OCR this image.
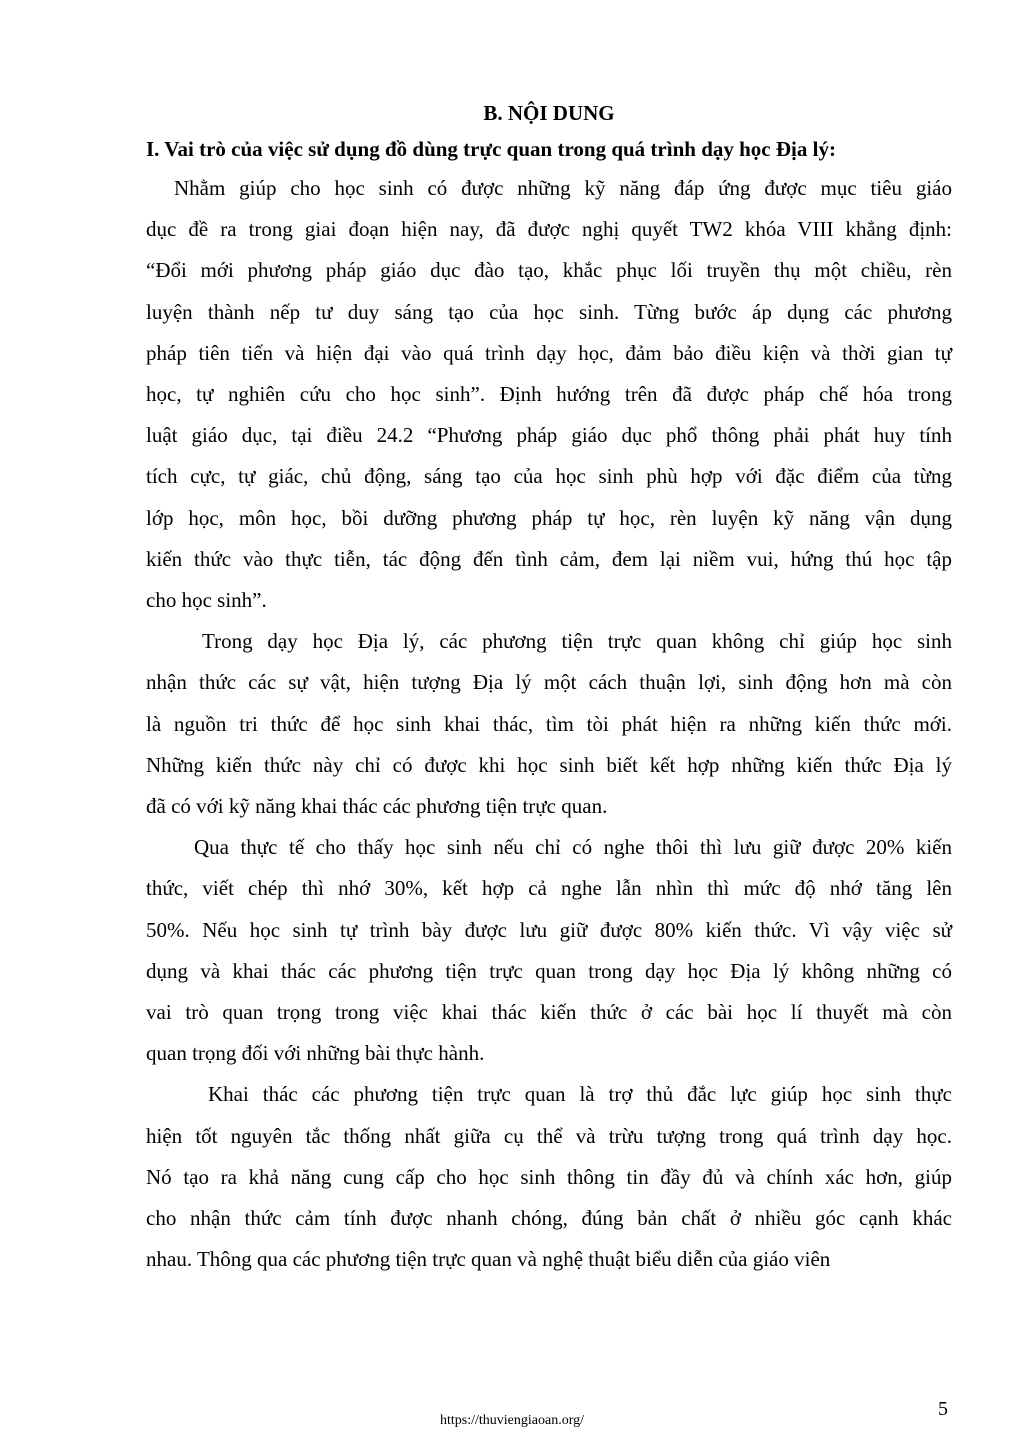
B. NỘI DUNG
I. Vai trò của việc sử dụng đồ dùng trực quan trong quá trình dạy học Địa lý:

Nhằm giúp cho học sinh có được những kỹ năng đáp ứng được mục tiêu giáo
dục đề ra trong giai đoạn hiện nay, đã được nghị quyết TW2 khóa VIII khẳng định:
“Đổi mới phương pháp giáo dục đào tạo, khắc phục lối truyền thụ một chiều, rèn
luyện thành nếp tư duy sáng tạo của học sinh. Từng bước áp dụng các phương
pháp tiên tiến và hiện đại vào quá trình dạy học, đảm bảo điều kiện và thời gian tự
học, tự nghiên cứu cho học sinh”. Định hướng trên đã được pháp chế hóa trong
luật giáo dục, tại điều 24.2 “Phương pháp giáo dục phổ thông phải phát huy tính
tích cực, tự giác, chủ động, sáng tạo của học sinh phù hợp với đặc điểm của từng
lớp học, môn học, bồi dưỡng phương pháp tự học, rèn luyện kỹ năng vận dụng
kiến thức vào thực tiễn, tác động đến tình cảm, đem lại niềm vui, hứng thú học tập
cho học sinh”.

Trong dạy học Địa lý, các phương tiện trực quan không chỉ giúp học sinh
nhận thức các sự vật, hiện tượng Địa lý một cách thuận lợi, sinh động hơn mà còn
là nguồn tri thức để học sinh khai thác, tìm tòi phát hiện ra những kiến thức mới.
Những kiến thức này chỉ có được khi học sinh biết kết hợp những kiến thức Địa lý
đã có với kỹ năng khai thác các phương tiện trực quan.

Qua thực tế cho thấy học sinh nếu chỉ có nghe thôi thì lưu giữ được 20% kiến
thức, viết chép thì nhớ 30%, kết hợp cả nghe lẫn nhìn thì mức độ nhớ tăng lên
50%. Nếu học sinh tự trình bày được lưu giữ được 80% kiến thức. Vì vậy việc sử
dụng và khai thác các phương tiện trực quan trong dạy học Địa lý không những có
vai trò quan trọng trong việc khai thác kiến thức ở các bài học lí thuyết mà còn
quan trọng đối với những bài thực hành.

Khai thác các phương tiện trực quan là trợ thủ đắc lực giúp học sinh thực
hiện tốt nguyên tắc thống nhất giữa cụ thể và trừu tượng trong quá trình dạy học.
Nó tạo ra khả năng cung cấp cho học sinh thông tin đầy đủ và chính xác hơn, giúp
cho nhận thức cảm tính được nhanh chóng, đúng bản chất ở nhiều góc cạnh khác
nhau. Thông qua các phương tiện trực quan và nghệ thuật biểu diễn của giáo viên

https://thuviengiaoan.org/
5
